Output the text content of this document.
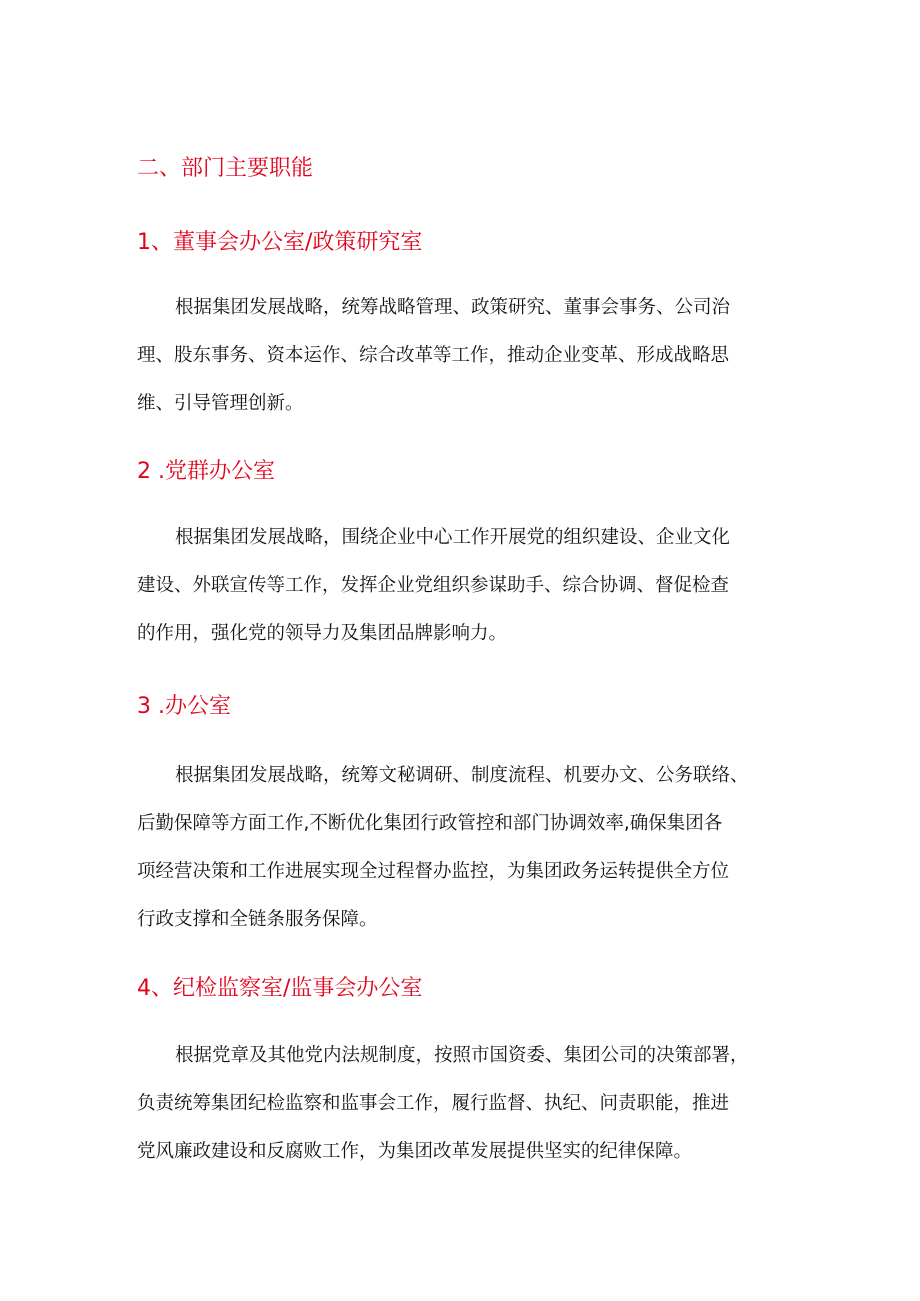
二、部门主要职能
1、董事会办公室/政策研究室

根据集团发展战略，统筹战略管理、政策研究、董事会事务、公司治
理、股东事务、资本运作、综合改革等工作，推动企业变革、形成战略思
维、引导管理创新。

2 .党群办公室

根据集团发展战略，围绕企业中心工作开展党的组织建设、企业文化
建设、外联宣传等工作，发挥企业党组织参谋助手、综合协调、督促检查
的作用，强化党的领导力及集团品牌影响力。

3 .办公室

根据集团发展战略，统筹文秘调研、制度流程、机要办文、公务联络、
后勤保障等方面工作,不断优化集团行政管控和部门协调效率,确保集团各
项经营决策和工作进展实现全过程督办监控，为集团政务运转提供全方位
行政支撑和全链条服务保障。

4、纪检监察室/监事会办公室

根据党章及其他党内法规制度，按照市国资委、集团公司的决策部署，
负责统筹集团纪检监察和监事会工作，履行监督、执纪、问责职能，推进
党风廉政建设和反腐败工作，为集团改革发展提供坚实的纪律保障。
